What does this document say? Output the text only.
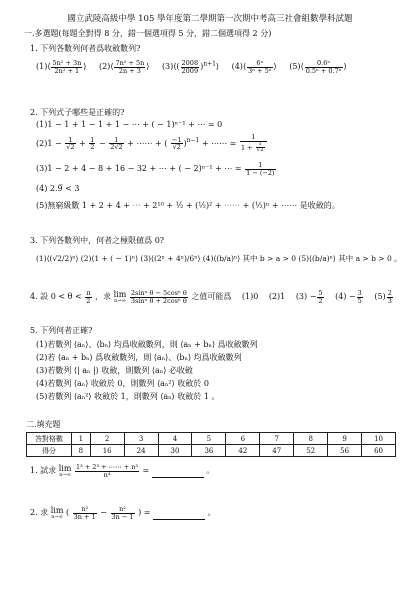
國立武陵高級中學 105 學年度第二學期第一次期中考高三社會組數學科試題
一.多選題(每題全對得 8 分，錯一個選項得 5 分，錯二個選項得 2 分)
1. 下列各數列何者爲收斂數列?
(1)⟨ $\frac{\text{5n² + 3n}}{\text{2n² + 1}}$ ⟩ (2)⟨ $\frac{\text{7n² + 5n}}{2n + 3}$ ⟩ (3)⟨( $\frac{2008}{2009}$ )$^{n+1}$⟩ (4)⟨ $\frac{\text{6ⁿ}}{\text{3ⁿ + 5ⁿ}}$ ⟩ (5)⟨ $\frac{\text{0.6ⁿ}}{\text{0.5ⁿ + 0.7ⁿ}}$ ⟩
2. 下列式子哪些是正確的?
(1)1 − 1 + 1 − 1 + 1 − ⋯ + ( − 1)ⁿ⁻¹ + ⋯ = 0
$(2)1 - \frac{1}{√2} + \frac{1}{2} - \frac{1}{2√2}$ + ⋯⋯ + ( $\frac{-1}{√2} )^{n-1}$ + ⋯⋯ = $\frac{1}{1 + \frac{1}{√2}}$
(3)1 − 2 + 4 − 8 + 16 − 32 + ⋯ + ( − 2)ⁿ⁻¹ + ⋯ = $\frac{1}{1 - (-2)}$
(4) 2.9̅ < 3
(5)無窮級數 1 + 2 + 4 + ⋯ + 2¹⁰ + ½ + (½)² + ⋯⋯ + (½)ⁿ + ⋯⋯ 是收斂的。
3. 下列各數列中，何者之極限値爲 0?
(1)⟨(√2/2)ⁿ⟩ (2)⟨1 + ( − 1)ⁿ⟩ (3)⟨(2ⁿ + 4ⁿ)/6ⁿ⟩ (4)⟨(b/a)ⁿ⟩ 其中 b > a > 0 (5)⟨(b/a)ⁿ⟩ 其中 a > b > 0 。
4. 設 $0 < \theta < \frac{\pi}{2}$ ，求 lim
n→∞
$\frac{\text{2sinⁿ θ − 5cosⁿ θ}}{\text{3sinⁿ θ + 2cosⁿ θ}}$ 之值可能爲 (1)0 (2)1 $(3) - \frac{5}{2} (4) - \frac{3}{5} (5) \frac{2}{3}$
5. 下列何者正確?
(1)若數列 ⟨aₙ⟩、⟨bₙ⟩ 均爲收斂數列，則 ⟨aₙ + bₙ⟩ 爲收斂數列
(2)若 ⟨aₙ + bₙ⟩ 爲收斂數列，則 ⟨aₙ⟩、⟨bₙ⟩ 均爲收斂數列
(3)若數列 ⟨| aₙ |⟩ 收斂，則數列 ⟨aₙ⟩ 必收斂
(4)若數列 ⟨aₙ⟩ 收斂於 0，則數列 ⟨aₙ²⟩ 收斂於 0
(5)若數列 ⟨aₙ²⟩ 收斂於 1，則數列 ⟨aₙ⟩ 收斂於 1 。
二.填充題
答對格數	1	2	3	4	5	6	7	8	9	10
得分	8	16	24	30	36	42	47	52	56	60
1. 試求 lim
n→∞
$\frac{\text{1³ + 2³ + ⋯⋯ + n³}}{\text{n⁴}}$ =	。
2. 求 lim
n→∞ ( $\frac{\text{n²}}{3n + 1} - \frac{\text{n²}}{3n - 1}$ ) =	。
